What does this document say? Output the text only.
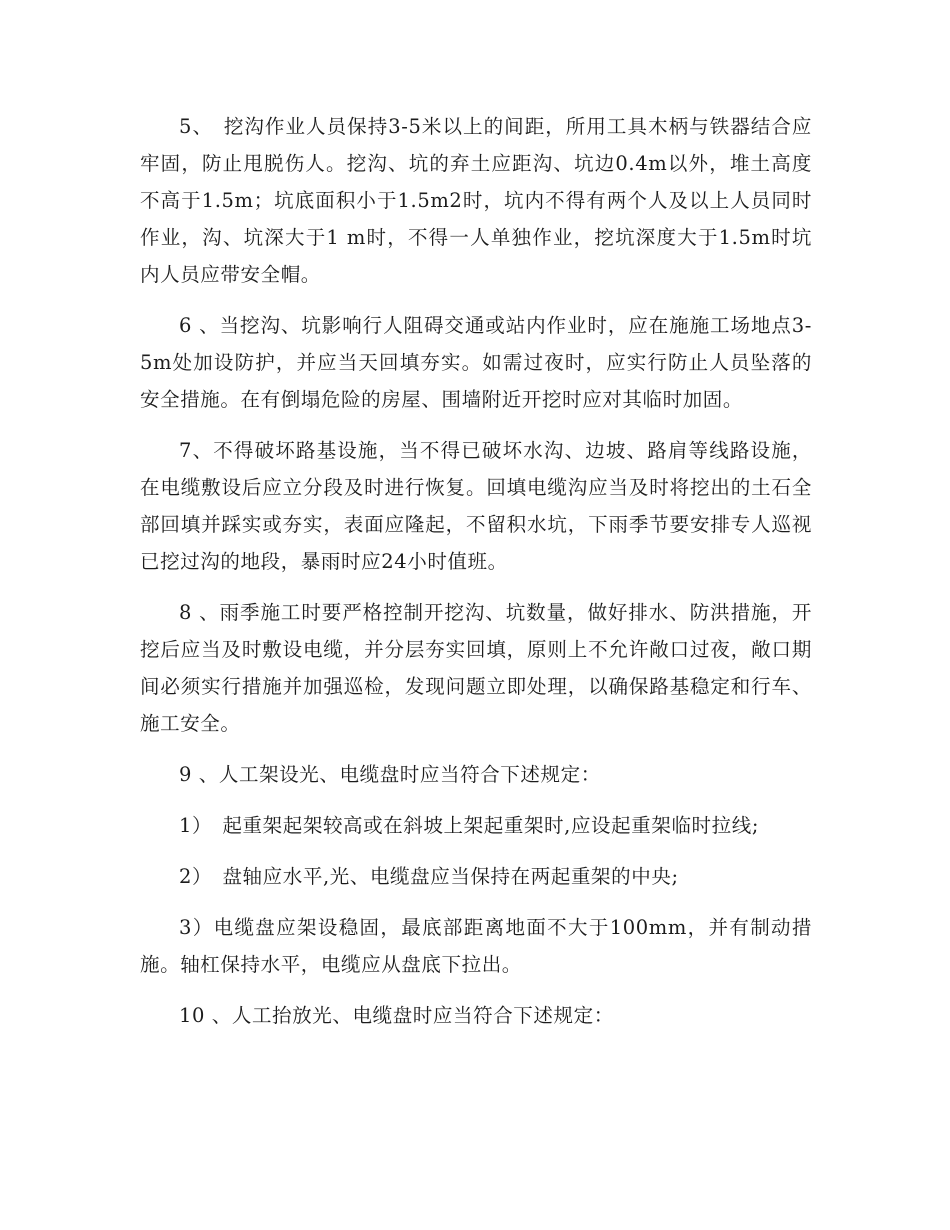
5、　挖沟作业人员保持3-5米以上的间距，所用工具木柄与铁器结合应牢固，防止甩脱伤人。挖沟、坑的弃土应距沟、坑边0.4m以外，堆土高度不高于1.5m；坑底面积小于1.5m2时，坑内不得有两个人及以上人员同时作业，沟、坑深大于1 m时，不得一人单独作业，挖坑深度大于1.5m时坑内人员应带安全帽。

6 、当挖沟、坑影响行人阻碍交通或站内作业时，应在施施工场地点3-5m处加设防护，并应当天回填夯实。如需过夜时，应实行防止人员坠落的安全措施。在有倒塌危险的房屋、围墙附近开挖时应对其临时加固。

7、不得破坏路基设施，当不得已破坏水沟、边坡、路肩等线路设施，在电缆敷设后应立分段及时进行恢复。回填电缆沟应当及时将挖出的土石全部回填并踩实或夯实，表面应隆起，不留积水坑，下雨季节要安排专人巡视已挖过沟的地段，暴雨时应24小时值班。

8 、雨季施工时要严格控制开挖沟、坑数量，做好排水、防洪措施，开挖后应当及时敷设电缆，并分层夯实回填，原则上不允许敞口过夜，敞口期间必须实行措施并加强巡检，发现问题立即处理，以确保路基稳定和行车、施工安全。

9 、人工架设光、电缆盘时应当符合下述规定：

1）　起重架起架较高或在斜坡上架起重架时,应设起重架临时拉线;

2）　盘轴应水平,光、电缆盘应当保持在两起重架的中央;

3）电缆盘应架设稳固，最底部距离地面不大于100mm，并有制动措施。轴杠保持水平，电缆应从盘底下拉出。

10 、人工抬放光、电缆盘时应当符合下述规定：
